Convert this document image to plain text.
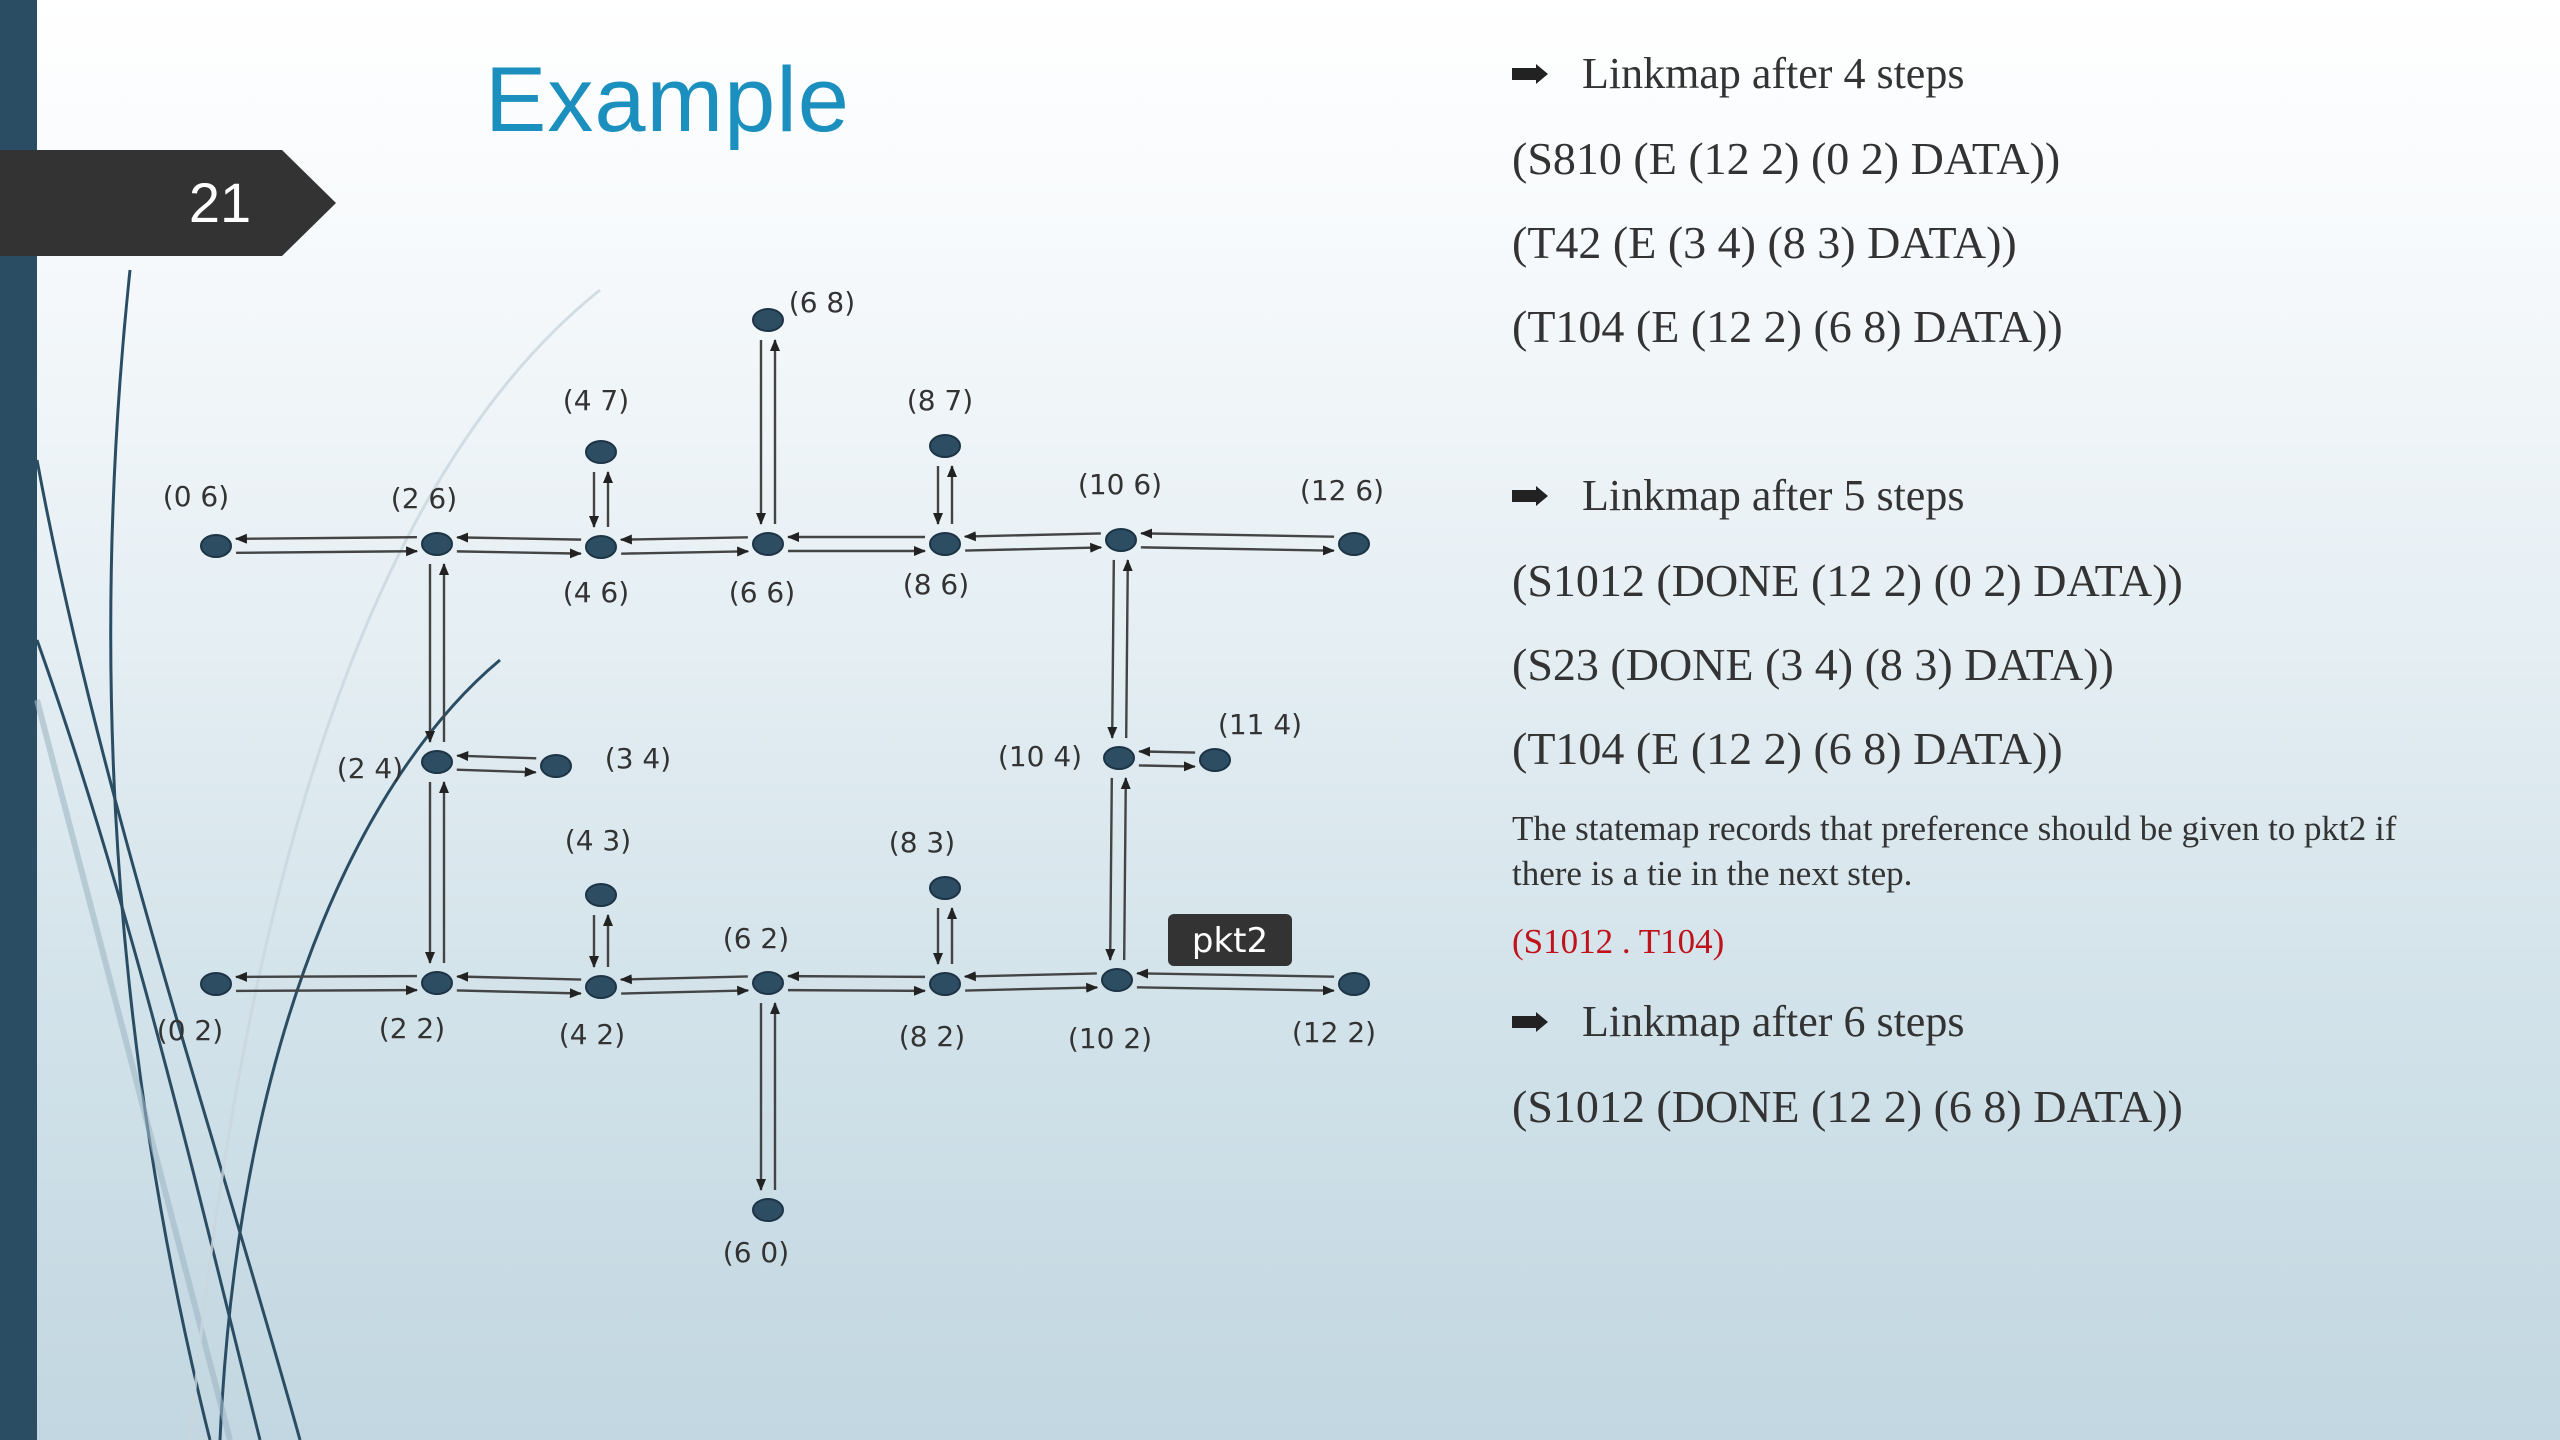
21
Example
(0 6)	(2 6)
(4 7)
(4 6)
(6 8)
(6 6)
(8 7)
(8 6)
(10 6)	(12 6)
(2 4)	(3 4)	(10 4)
(11 4)
(4 3)	(8 3)
(0 2)	(2 2)	(4 2)
(6 2)
(8 2)	(10 2)	(12 2)
(6 0)
pkt2
Linkmap after 4 steps
(S810 (E (12 2) (0 2) DATA))
(T42 (E (3 4) (8 3) DATA))
(T104 (E (12 2) (6 8) DATA))
Linkmap after 5 steps
(S1012 (DONE (12 2) (0 2) DATA))
(S23 (DONE (3 4) (8 3) DATA))
(T104 (E (12 2) (6 8) DATA))
The statemap records that preference should be given to pkt2 if there is a tie in the next step.
(S1012 . T104)
Linkmap after 6 steps
(S1012 (DONE (12 2) (6 8) DATA))
